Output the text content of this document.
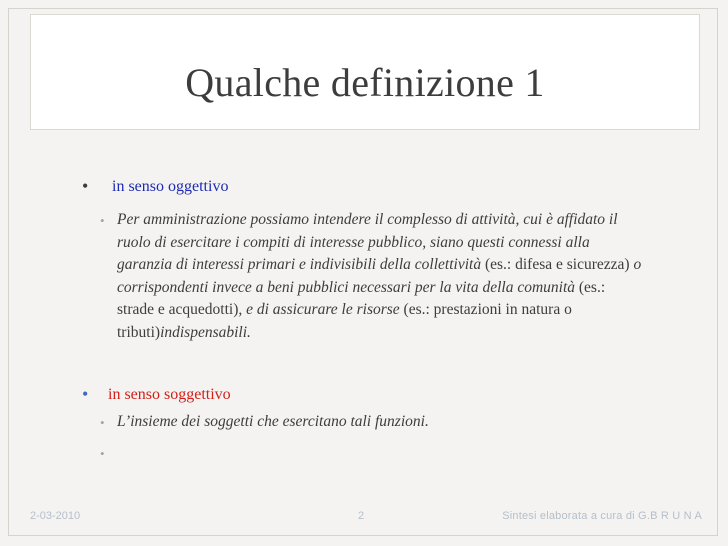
Qualche definizione 1
• in senso oggettivo
• Per amministrazione possiamo intendere il complesso di attività, cui è affidato il ruolo di esercitare i compiti di interesse pubblico, siano questi connessi alla garanzia di interessi primari e indivisibili della collettività (es.: difesa e sicurezza) o corrispondenti invece a beni pubblici necessari per la vita della comunità (es.: strade e acquedotti), e di assicurare le risorse (es.: prestazioni in natura o tributi)indispensabili.
• in senso soggettivo
• L’insieme dei soggetti che esercitano tali funzioni.
•
2-03-2010	2	Sintesi elaborata a cura di G.B R U N A
